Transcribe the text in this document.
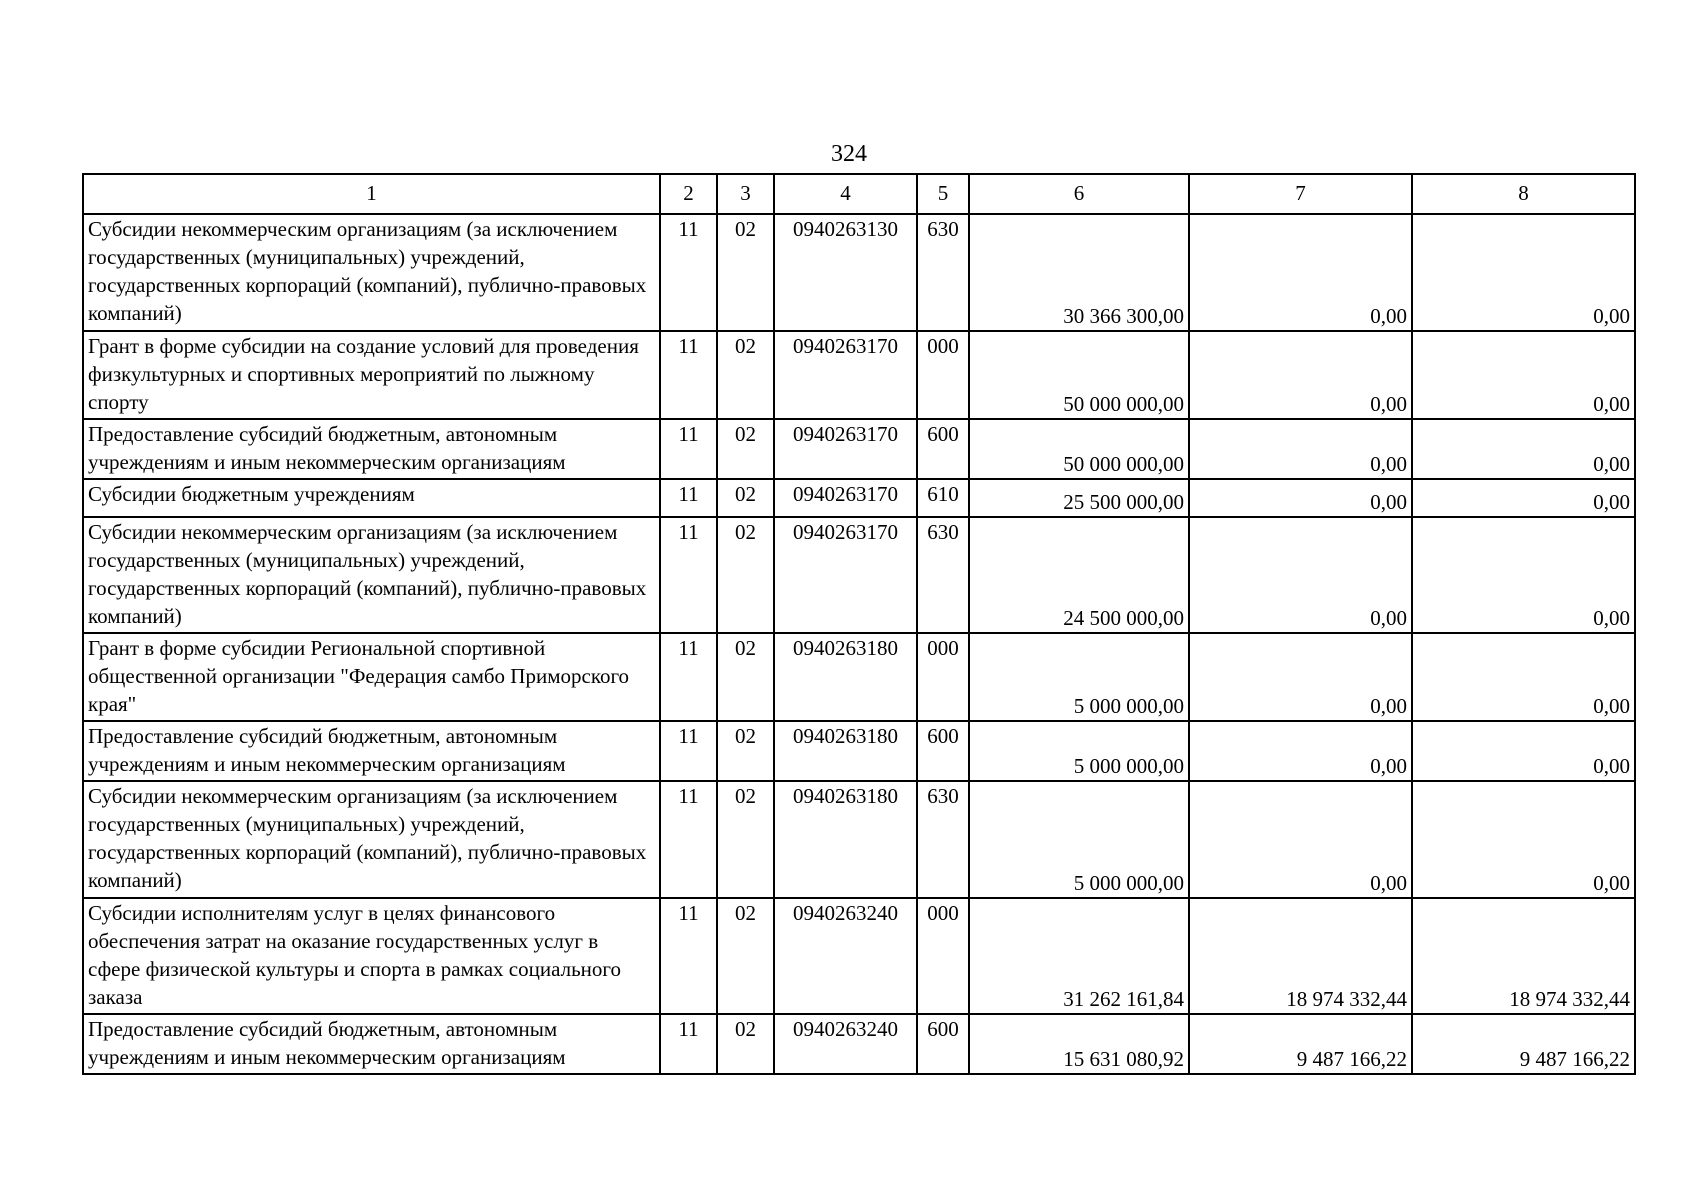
324
1	2	3	4	5	6	7	8
Субсидии некоммерческим организациям (за исключением государственных (муниципальных) учреждений, государственных корпораций (компаний), публично-правовых компаний)	11	02	0940263130	630	30 366 300,00	0,00	0,00
Грант в форме субсидии на создание условий для проведения физкультурных и спортивных мероприятий по лыжному спорту	11	02	0940263170	000	50 000 000,00	0,00	0,00
Предоставление субсидий бюджетным, автономным учреждениям и иным некоммерческим организациям	11	02	0940263170	600	50 000 000,00	0,00	0,00
Субсидии бюджетным учреждениям	11	02	0940263170	610	25 500 000,00	0,00	0,00
Субсидии некоммерческим организациям (за исключением государственных (муниципальных) учреждений, государственных корпораций (компаний), публично-правовых компаний)	11	02	0940263170	630	24 500 000,00	0,00	0,00
Грант в форме субсидии Региональной спортивной общественной организации "Федерация самбо Приморского края"	11	02	0940263180	000	5 000 000,00	0,00	0,00
Предоставление субсидий бюджетным, автономным учреждениям и иным некоммерческим организациям	11	02	0940263180	600	5 000 000,00	0,00	0,00
Субсидии некоммерческим организациям (за исключением государственных (муниципальных) учреждений, государственных корпораций (компаний), публично-правовых компаний)	11	02	0940263180	630	5 000 000,00	0,00	0,00
Субсидии исполнителям услуг в целях финансового обеспечения затрат на оказание государственных услуг в сфере физической культуры и спорта в рамках социального заказа	11	02	0940263240	000	31 262 161,84	18 974 332,44	18 974 332,44
Предоставление субсидий бюджетным, автономным учреждениям и иным некоммерческим организациям	11	02	0940263240	600	15 631 080,92	9 487 166,22	9 487 166,22
